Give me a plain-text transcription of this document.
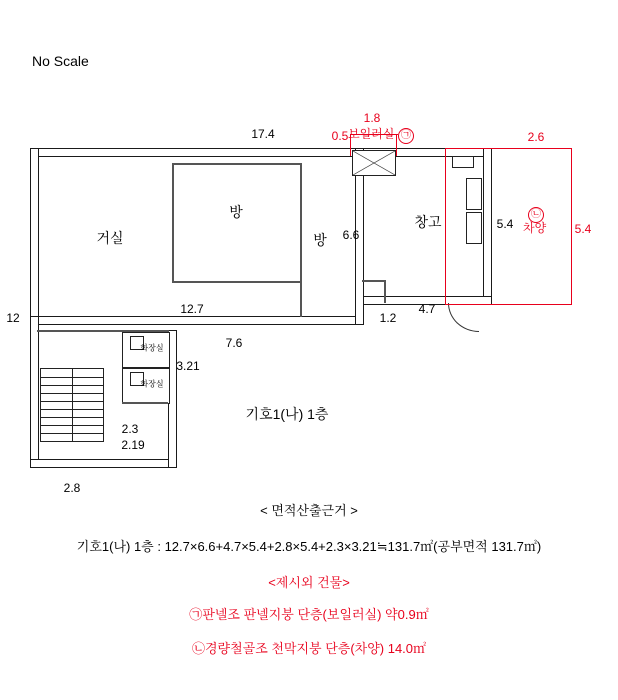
No Scale
거실
방
방
창고
화장실
화장실
17.4
1.8
0.5	2.6
6.6
5.4	5.4
12
12.7
7.6
1.2
4.7
3.21
2.3
2.19
2.8
㉠
보일러실
㉡
차양
기호1(나) 1층
< 면적산출근거 >
기호1(나) 1층 : 12.7×6.6+4.7×5.4+2.8×5.4+2.3×3.21≒131.7㎡(공부면적 131.7㎡)
<제시외 건물>
㉠판넬조 판넬지붕 단층(보일러실) 약0.9㎡
㉡경량철골조 천막지붕 단층(차양) 14.0㎡
